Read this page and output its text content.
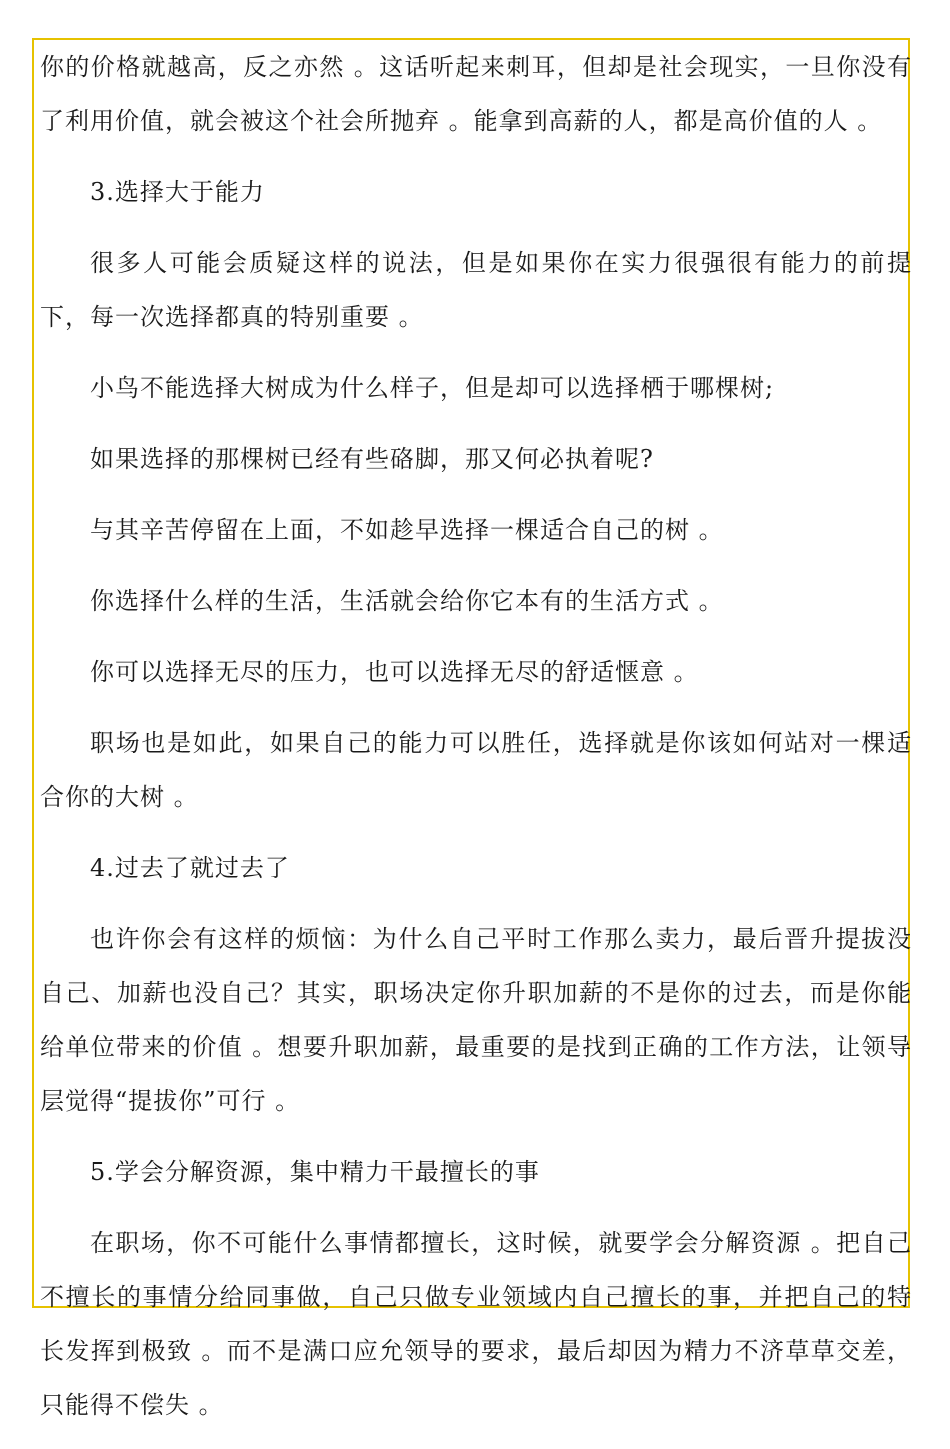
你的价格就越高，反之亦然 。这话听起来刺耳，但却是社会现实，一旦你没有了利用价值，就会被这个社会所抛弃 。能拿到高薪的人，都是高价值的人 。

3.选择大于能力

很多人可能会质疑这样的说法，但是如果你在实力很强很有能力的前提下，每一次选择都真的特别重要 。

小鸟不能选择大树成为什么样子，但是却可以选择栖于哪棵树;

如果选择的那棵树已经有些硌脚，那又何必执着呢?

与其辛苦停留在上面，不如趁早选择一棵适合自己的树 。

你选择什么样的生活，生活就会给你它本有的生活方式 。

你可以选择无尽的压力，也可以选择无尽的舒适惬意 。

职场也是如此，如果自己的能力可以胜任，选择就是你该如何站对一棵适合你的大树 。

4.过去了就过去了

也许你会有这样的烦恼：为什么自己平时工作那么卖力，最后晋升提拔没自己、加薪也没自己？其实，职场决定你升职加薪的不是你的过去，而是你能给单位带来的价值 。想要升职加薪，最重要的是找到正确的工作方法，让领导层觉得“提拔你”可行 。

5.学会分解资源，集中精力干最擅长的事

在职场，你不可能什么事情都擅长，这时候，就要学会分解资源 。把自己不擅长的事情分给同事做，自己只做专业领域内自己擅长的事，并把自己的特长发挥到极致 。而不是满口应允领导的要求，最后却因为精力不济草草交差，只能得不偿失 。
